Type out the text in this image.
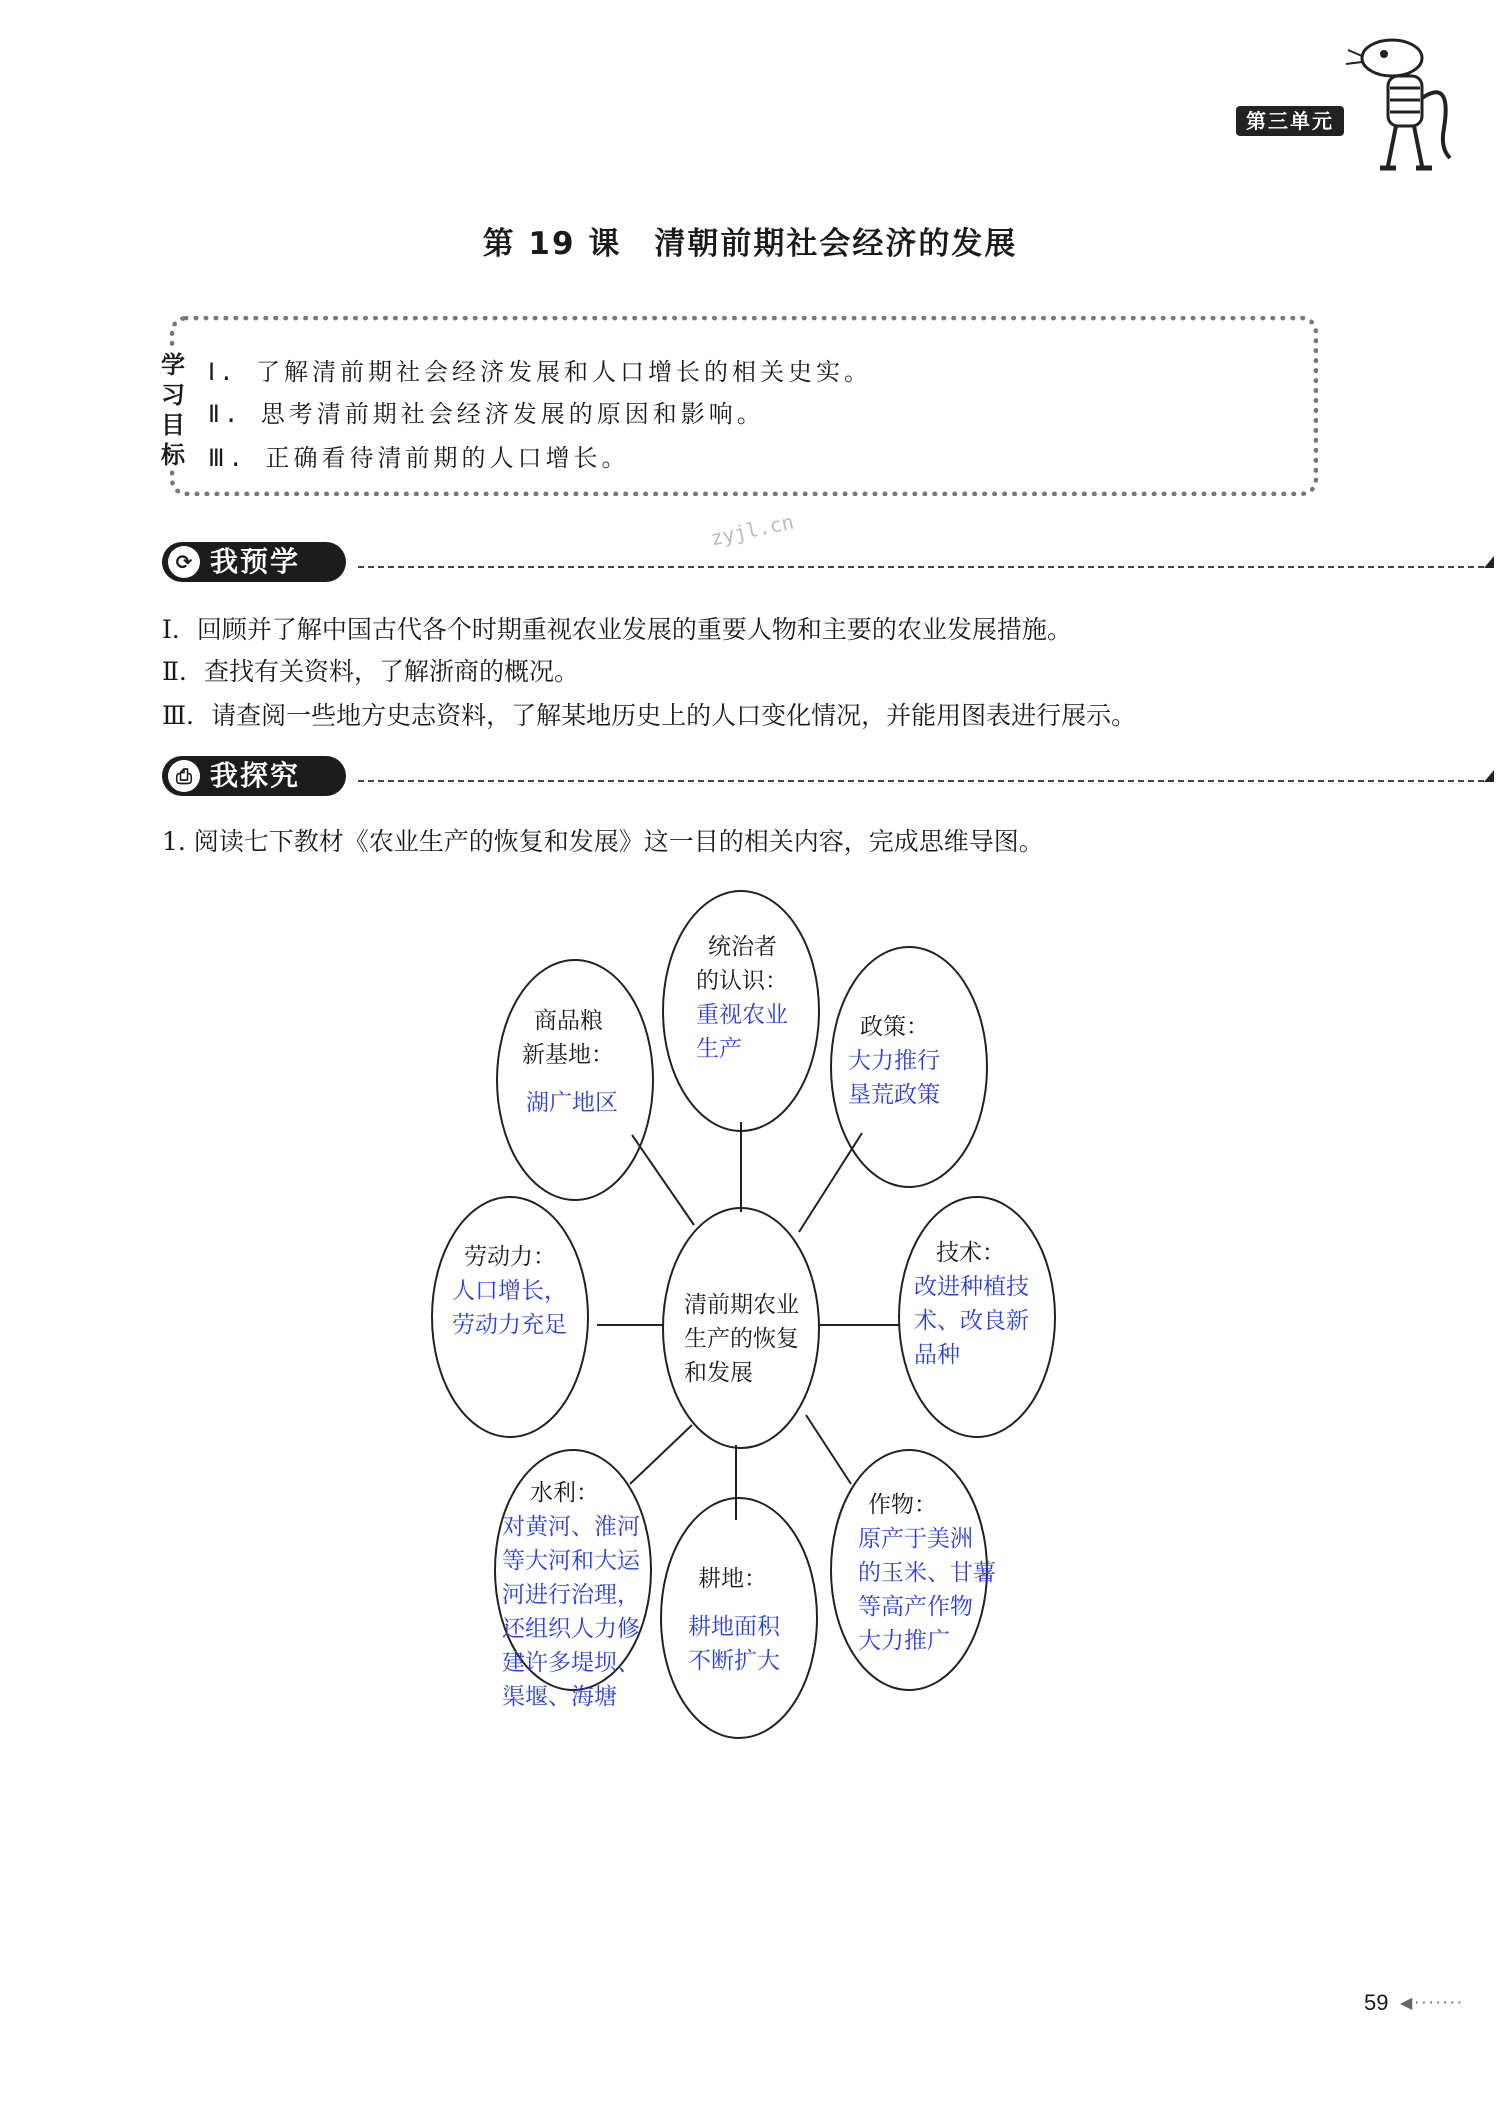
第三单元
第 19 课　清朝前期社会经济的发展
学
习
目
标
Ⅰ. 了解清前期社会经济发展和人口增长的相关史实。
Ⅱ. 思考清前期社会经济发展的原因和影响。
Ⅲ. 正确看待清前期的人口增长。
zyjl.cn
⟳ 我预学
Ⅰ．回顾并了解中国古代各个时期重视农业发展的重要人物和主要的农业发展措施。
Ⅱ．查找有关资料，了解浙商的概况。
Ⅲ．请查阅一些地方史志资料，了解某地历史上的人口变化情况，并能用图表进行展示。
⎙ 我探究
1. 阅读七下教材《农业生产的恢复和发展》这一目的相关内容，完成思维导图。
清前期农业
生产的恢复
和发展
统治者
的认识：
重视农业
生产
政策：
大力推行
垦荒政策
技术：
改进种植技
术、改良新
品种
作物：
原产于美洲
的玉米、甘薯
等高产作物
大力推广
耕地：
耕地面积
不断扩大
水利：
对黄河、淮河
等大河和大运
河进行治理，
还组织人力修
建许多堤坝、
渠堰、海塘
劳动力：
人口增长，
劳动力充足
商品粮
新基地：
湖广地区
59 ◀·······
